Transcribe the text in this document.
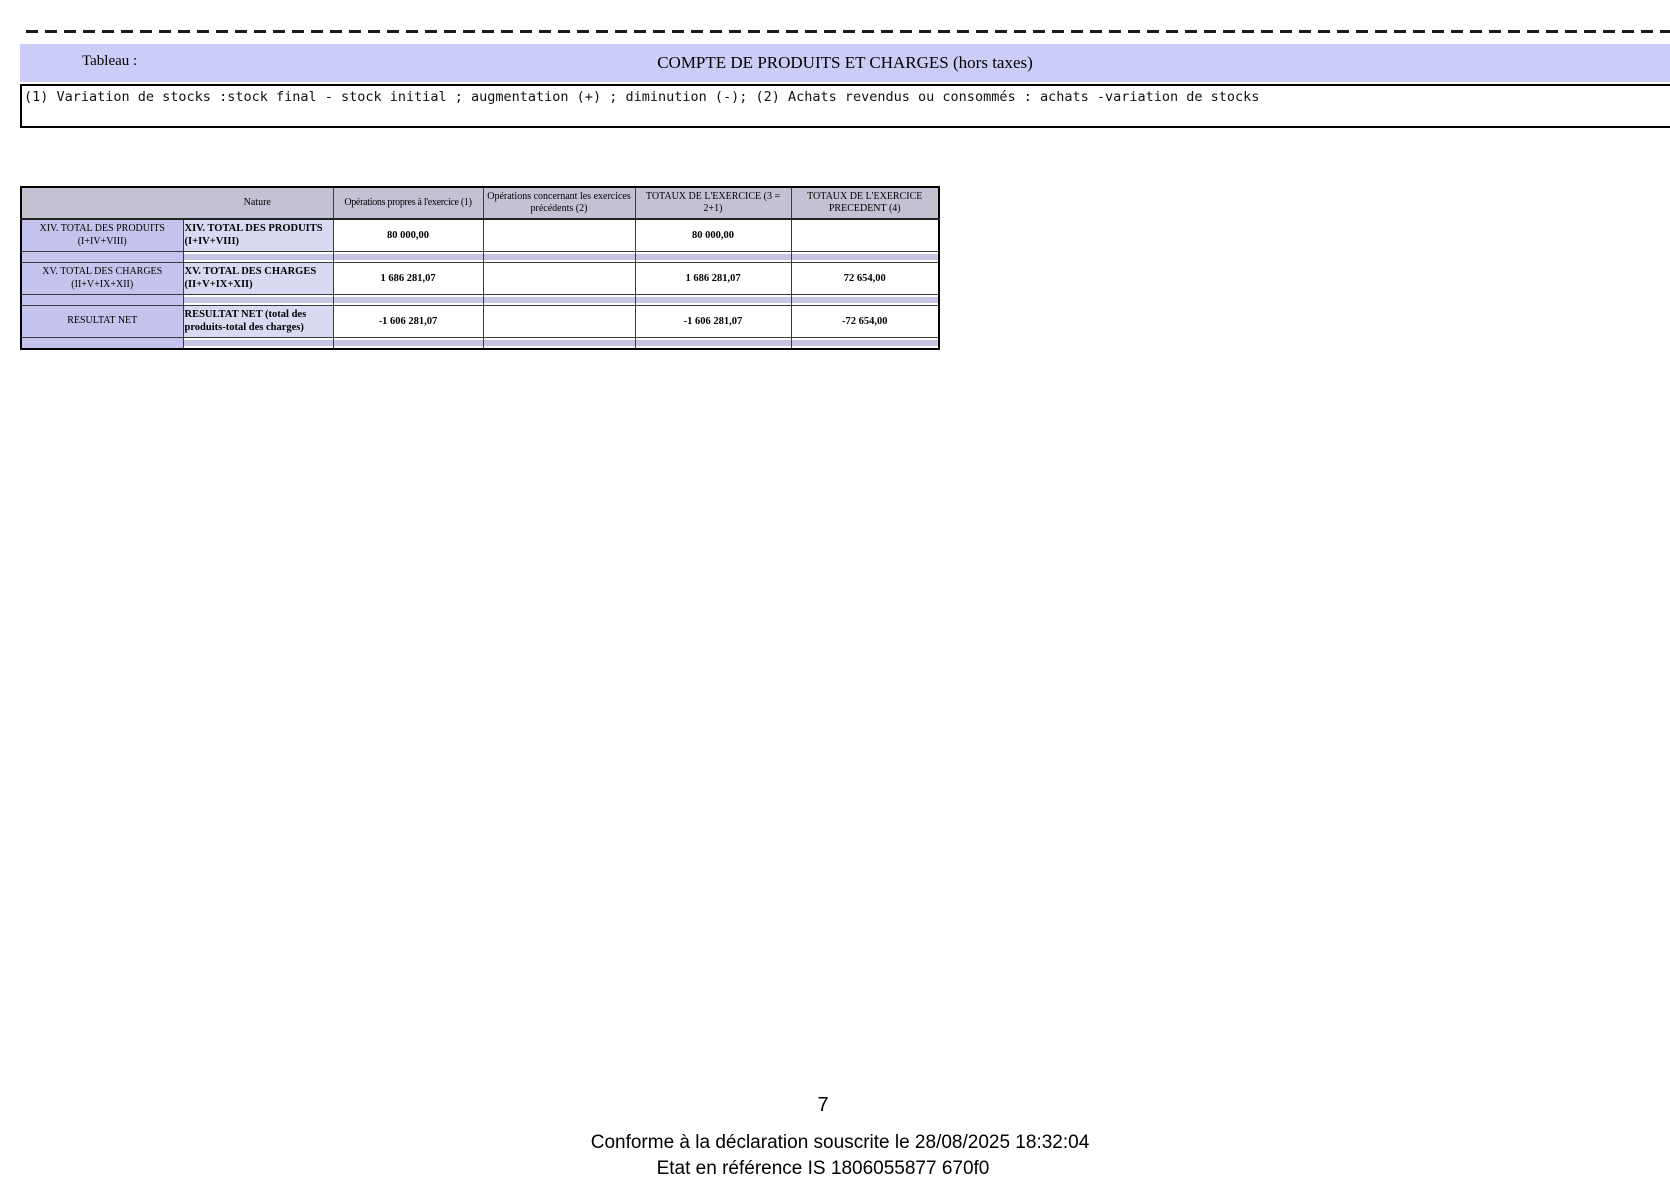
Tableau :	COMPTE DE PRODUITS ET CHARGES (hors taxes)
(1) Variation de stocks :stock final - stock initial ; augmentation (+) ; diminution (-); (2) Achats revendus ou consommés : achats -variation de stocks
Nature		Opérations propres à l'exercice (1)	Opérations concernant les exercices précédents (2)	TOTAUX DE L'EXERCICE (3 = 2+1)	TOTAUX DE L'EXERCICE PRECEDENT (4)
XIV. TOTAL DES PRODUITS (I+IV+VIII)	XIV. TOTAL DES PRODUITS (I+IV+VIII)	80 000,00		80 000,00	

XV. TOTAL DES CHARGES (II+V+IX+XII)	XV. TOTAL DES CHARGES (II+V+IX+XII)	1 686 281,07		1 686 281,07	72 654,00

RESULTAT NET	RESULTAT NET (total des produits-total des charges)	-1 606 281,07		-1 606 281,07	-72 654,00

7
Conforme à la déclaration souscrite le 28/08/2025 18:32:04
Etat en référence IS 1806055877 670f0
